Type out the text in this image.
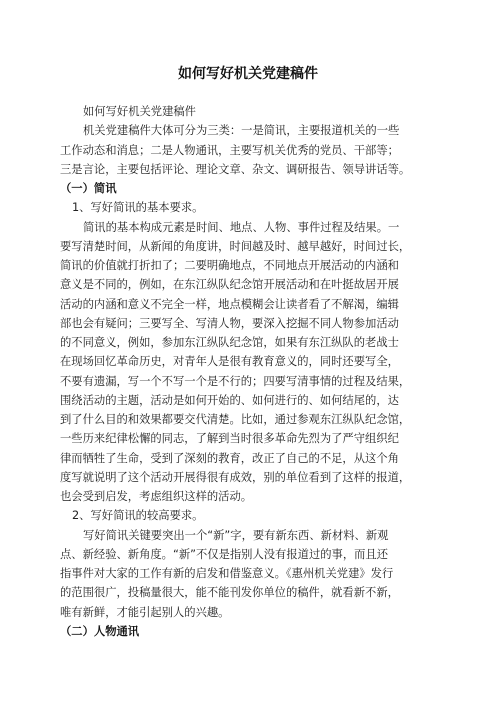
如何写好机关党建稿件
如何写好机关党建稿件
机关党建稿件大体可分为三类：一是简讯，主要报道机关的一些
工作动态和消息；二是人物通讯，主要写机关优秀的党员、干部等；
三是言论，主要包括评论、理论文章、杂文、调研报告、领导讲话等。
（一）简讯
1、写好简讯的基本要求。
简讯的基本构成元素是时间、地点、人物、事件过程及结果。一
要写清楚时间，从新闻的角度讲，时间越及时、越早越好，时间过长，
简讯的价值就打折扣了；二要明确地点，不同地点开展活动的内涵和
意义是不同的，例如，在东江纵队纪念馆开展活动和在叶挺故居开展
活动的内涵和意义不完全一样，地点模糊会让读者看了不解渴，编辑
部也会有疑问；三要写全、写清人物，要深入挖掘不同人物参加活动
的不同意义，例如，参加东江纵队纪念馆，如果有东江纵队的老战士
在现场回忆革命历史，对青年人是很有教育意义的，同时还要写全，
不要有遗漏，写一个不写一个是不行的；四要写清事情的过程及结果，
围绕活动的主题，活动是如何开始的、如何进行的、如何结尾的，达
到了什么目的和效果都要交代清楚。比如，通过参观东江纵队纪念馆，
一些历来纪律松懈的同志，了解到当时很多革命先烈为了严守组织纪
律而牺牲了生命，受到了深刻的教育，改正了自己的不足，从这个角
度写就说明了这个活动开展得很有成效，别的单位看到了这样的报道，
也会受到启发，考虑组织这样的活动。
2、写好简讯的较高要求。
写好简讯关键要突出一个“新”字，要有新东西、新材料、新观
点、新经验、新角度。“新”不仅是指别人没有报道过的事，而且还
指事件对大家的工作有新的启发和借鉴意义。《惠州机关党建》发行
的范围很广，投稿量很大，能不能刊发你单位的稿件，就看新不新，
唯有新鲜，才能引起别人的兴趣。
（二）人物通讯
